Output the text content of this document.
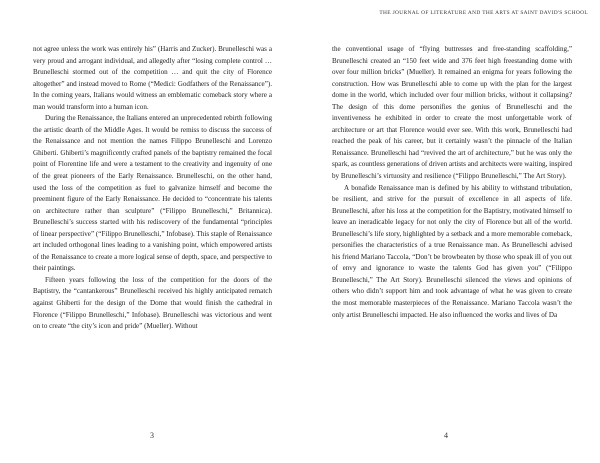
not agree unless the work was entirely his” (Harris and Zucker). Brunelleschi was a very proud and arrogant individual, and allegedly after “losing complete control … Brunelleschi stormed out of the competition … and quit the city of Florence altogether” and instead moved to Rome (“Medici: Godfathers of the Renaissance”). In the coming years, Italians would witness an emblematic comeback story where a man would transform into a human icon.

During the Renaissance, the Italians entered an unprecedented rebirth following the artistic dearth of the Middle Ages. It would be remiss to discuss the success of the Renaissance and not mention the names Filippo Brunelleschi and Lorenzo Ghiberti. Ghiberti’s magnificently crafted panels of the baptistry remained the focal point of Florentine life and were a testament to the creativity and ingenuity of one of the great pioneers of the Early Renaissance. Brunelleschi, on the other hand, used the loss of the competition as fuel to galvanize himself and become the preeminent figure of the Early Renaissance. He decided to “concentrate his talents on architecture rather than sculpture” (“Filippo Brunelleschi,” Britannica). Brunelleschi’s success started with his rediscovery of the fundamental “principles of linear perspective” (“Filippo Brunelleschi,” Infobase). This staple of Renaissance art included orthogonal lines leading to a vanishing point, which empowered artists of the Renaissance to create a more logical sense of depth, space, and perspective to their paintings.

Fifteen years following the loss of the competition for the doors of the Baptistry, the “cantankerous” Brunelleschi received his highly anticipated rematch against Ghiberti for the design of the Dome that would finish the cathedral in Florence (“Filippo Brunelleschi,” Infobase). Brunelleschi was victorious and went on to create “the city’s icon and pride” (Mueller). Without

3
THE JOURNAL OF LITERATURE AND THE ARTS AT SAINT DAVID'S SCHOOL

the conventional usage of “flying buttresses and free-standing scaffolding,” Brunelleschi created an “150 feet wide and 376 feet high freestanding dome with over four million bricks” (Mueller). It remained an enigma for years following the construction. How was Brunelleschi able to come up with the plan for the largest dome in the world, which included over four million bricks, without it collapsing? The design of this dome personifies the genius of Brunelleschi and the inventiveness he exhibited in order to create the most unforgettable work of architecture or art that Florence would ever see. With this work, Brunelleschi had reached the peak of his career, but it certainly wasn’t the pinnacle of the Italian Renaissance. Brunelleschi had “revived the art of architecture,” but he was only the spark, as countless generations of driven artists and architects were waiting, inspired by Brunelleschi’s virtuosity and resilience (“Filippo Brunelleschi,” The Art Story).

A bonafide Renaissance man is defined by his ability to withstand tribulation, be resilient, and strive for the pursuit of excellence in all aspects of life. Brunelleschi, after his loss at the competition for the Baptistry, motivated himself to leave an ineradicable legacy for not only the city of Florence but all of the world. Brunelleschi’s life story, highlighted by a setback and a more memorable comeback, personifies the characteristics of a true Renaissance man. As Brunelleschi advised his friend Mariano Taccola, “Don’t be browbeaten by those who speak ill of you out of envy and ignorance to waste the talents God has given you” (“Filippo Brunelleschi,” The Art Story). Brunelleschi silenced the views and opinions of others who didn’t support him and took advantage of what he was given to create the most memorable masterpieces of the Renaissance. Mariano Taccola wasn’t the only artist Brunelleschi impacted. He also influenced the works and lives of Da

4
